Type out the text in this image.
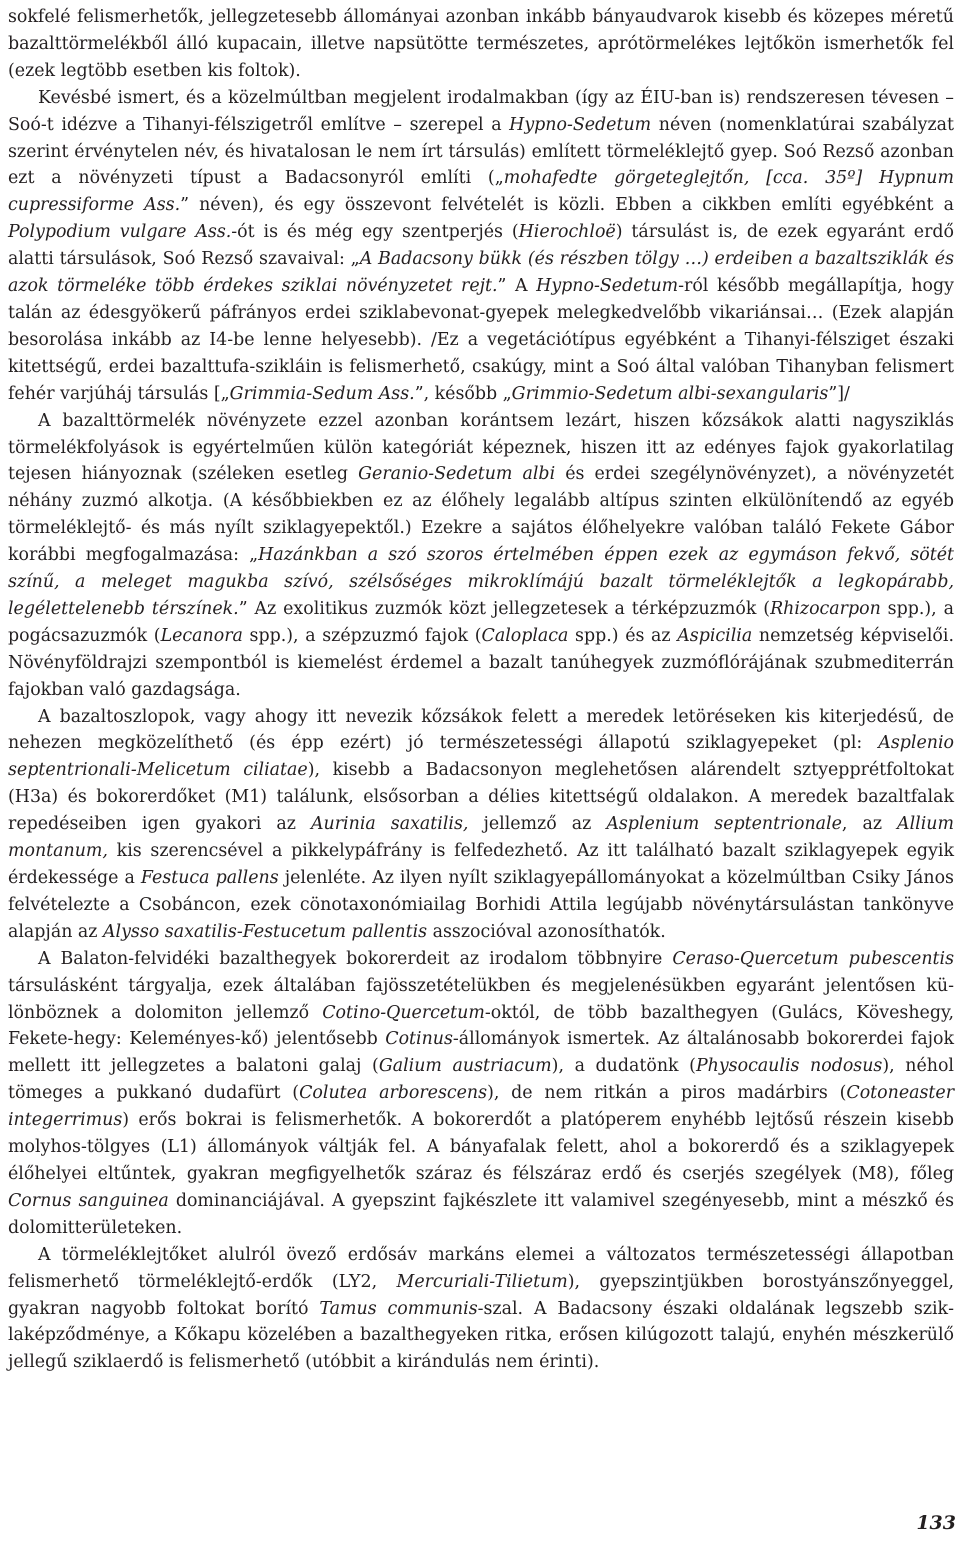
sokfelé felismerhetők, jellegzetesebb állományai azonban inkább bányaudvarok kisebb és közepes méretű bazalttörmelékből álló kupacain, illetve napsütötte természetes, aprótörmelékes lejtőkön ismerhetők fel (ezek legtöbb esetben kis foltok).

Kevésbé ismert, és a közelmúltban megjelent irodalmakban (így az ÉIU-ban is) rendszeresen tévesen – Soó-t idézve a Tihanyi-félszigetről említve – szerepel a Hypno-Sedetum néven (nomenklatúrai szabályzat szerint érvénytelen név, és hivatalosan le nem írt társulás) említett törmeléklejtő gyep. Soó Rezső azonban ezt a növényzeti típust a Badacsonyról említi („mohafedte görgeteglejtőn, [cca. 35º] Hypnum cupressiforme Ass.” néven), és egy összevont felvételét is közli. Ebben a cikkben említi egyébként a Polypodium vulgare Ass.-ót is és még egy szentperjés (Hierochloë) társulást is, de ezek egyaránt erdő alatti társulások, Soó Rezső szavaival: „A Badacsony bükk (és részben tölgy …) erdeiben a bazaltsziklák és azok törmeléke több érdekes sziklai növényzetet rejt.” A Hypno-Sedetum-ról később megállapítja, hogy talán az édesgyökerű páfrányos erdei sziklabevonat-gyepek melegkedvelőbb vikariánsai… (Ezek alapján besorolása inkább az I4-be lenne helyesebb). /Ez a vegetációtípus egyébként a Tihanyi-félsziget északi kitettségű, erdei bazalttufa-szikláin is felismerhető, csakúgy, mint a Soó által valóban Tihanyban felismert fehér varjúháj társulás [„Grimmia-Sedum Ass.”, később „Grimmio-Sedetum albi-sexangularis”]/

A bazalttörmelék növényzete ezzel azonban korántsem lezárt, hiszen kőzsákok alatti nagysziklás törmelékfolyások is egyértelműen külön kategóriát képeznek, hiszen itt az edényes fajok gyakorlatilag tejesen hiányoznak (széleken esetleg Geranio-Sedetum albi és erdei szegélynövényzet), a növényzetét néhány zuzmó alkotja. (A későbbiekben ez az élőhely legalább altípus szinten elkülönítendő az egyéb törmeléklejtő- és más nyílt sziklagyepektől.) Ezekre a sajátos élőhelyekre valóban találó Fekete Gábor korábbi megfogalmazása: „Hazánkban a szó szoros értelmében éppen ezek az egymáson fekvő, sötét színű, a meleget magukba szívó, szélsőséges mikroklímájú bazalt törmeléklejtők a legkopárabb, legélettelenebb térszínek.” Az exolitikus zuzmók közt jellegzetesek a térképzuzmók (Rhizocarpon spp.), a pogácsazuzmók (Lecanora spp.), a szépzuzmó fajok (Caloplaca spp.) és az Aspicilia nemzetség képviselői. Növényföldrajzi szempontból is kiemelést érdemel a bazalt tanúhegyek zuzmóflórájának szubmediterrán fajokban való gazdagsága.

A bazaltoszlopok, vagy ahogy itt nevezik kőzsákok felett a meredek letöréseken kis kiterjedésű, de nehezen megközelíthető (és épp ezért) jó természetességi állapotú sziklagyepeket (pl: Asplenio septentrionali-Melicetum ciliatae), kisebb a Badacsonyon meglehetősen alárendelt sztyepprétfoltokat (H3a) és bokorerdőket (M1) találunk, elsősorban a délies kitettségű oldalakon. A meredek bazaltfalak repedéseiben igen gyakori az Aurinia saxatilis, jellemző az Asplenium septentrionale, az Allium montanum, kis szerencsével a pikkelypáfrány is felfedezhető. Az itt található bazalt sziklagyepek egyik érdekessége a Festuca pallens jelenléte. Az ilyen nyílt sziklagyepállományokat a közelmúltban Csiky János felvételezte a Csobáncon, ezek cönotaxonómiailag Borhidi Attila legújabb növénytársulástan tankönyve alapján az Alysso saxatilis-Festucetum pallentis asszocióval azonosíthatók.

A Balaton-felvidéki bazalthegyek bokorerdeit az irodalom többnyire Ceraso-Quercetum pubescentis társulásként tárgyalja, ezek általában fajösszetételükben és megjelenésükben egyaránt jelentősen különböznek a dolomiton jellemző Cotino-Quercetum-októl, de több bazalthegyen (Gulács, Köveshegy, Fekete-hegy: Keleményes-kő) jelentősebb Cotinus-állományok ismertek. Az általánosabb bokorerdei fajok mellett itt jellegzetes a balatoni galaj (Galium austriacum), a dudatönk (Physocaulis nodosus), néhol tömeges a pukkanó dudafürt (Colutea arborescens), de nem ritkán a piros madárbirs (Cotoneaster integerrimus) erős bokrai is felismerhetők. A bokorerdőt a platóperem enyhébb lejtősű részein kisebb molyhos-tölgyes (L1) állományok váltják fel. A bányafalak felett, ahol a bokorerdő és a sziklagyepek élőhelyei eltűntek, gyakran megfigyelhetők száraz és félszáraz erdő és cserjés szegélyek (M8), főleg Cornus sanguinea dominanciájával. A gyepszint fajkészlete itt valamivel szegényesebb, mint a mészkő és dolomitterületeken.

A törmeléklejtőket alulról övező erdősáv markáns elemei a változatos természetességi állapotban felismerhető törmeléklejtő-erdők (LY2, Mercuriali-Tilietum), gyepszintjükben borostyánszőnyeggel, gyakran nagyobb foltokat borító Tamus communis-szal. A Badacsony északi oldalának legszebb sziklaképződménye, a Kőkapu közelében a bazalthegyeken ritka, erősen kilúgozott talajú, enyhén mészkerülő jellegű sziklaerdő is felismerhető (utóbbit a kirándulás nem érinti).

133
